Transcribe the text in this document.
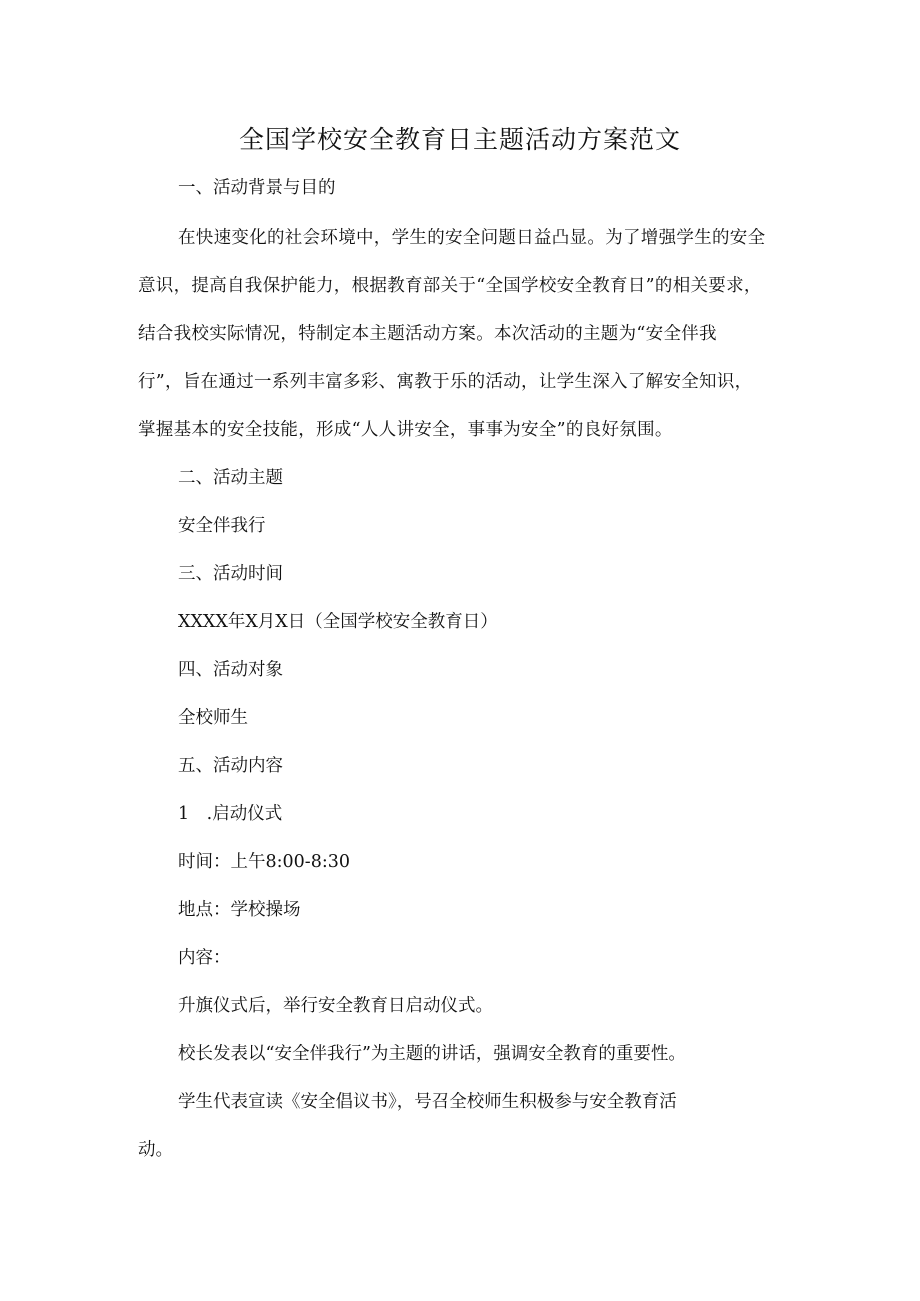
全国学校安全教育日主题活动方案范文
一、活动背景与目的
在快速变化的社会环境中，学生的安全问题日益凸显。为了增强学生的安全
意识，提高自我保护能力，根据教育部关于“全国学校安全教育日”的相关要求，
结合我校实际情况，特制定本主题活动方案。本次活动的主题为“安全伴我
行”，旨在通过一系列丰富多彩、寓教于乐的活动，让学生深入了解安全知识，
掌握基本的安全技能，形成“人人讲安全，事事为安全”的良好氛围。
二、活动主题
安全伴我行
三、活动时间
XXXX年X月X日（全国学校安全教育日）
四、活动对象
全校师生
五、活动内容
1　.启动仪式
时间：上午8:00-8:30
地点：学校操场
内容：
升旗仪式后，举行安全教育日启动仪式。
校长发表以“安全伴我行”为主题的讲话，强调安全教育的重要性。
学生代表宣读《安全倡议书》，号召全校师生积极参与安全教育活
动。
